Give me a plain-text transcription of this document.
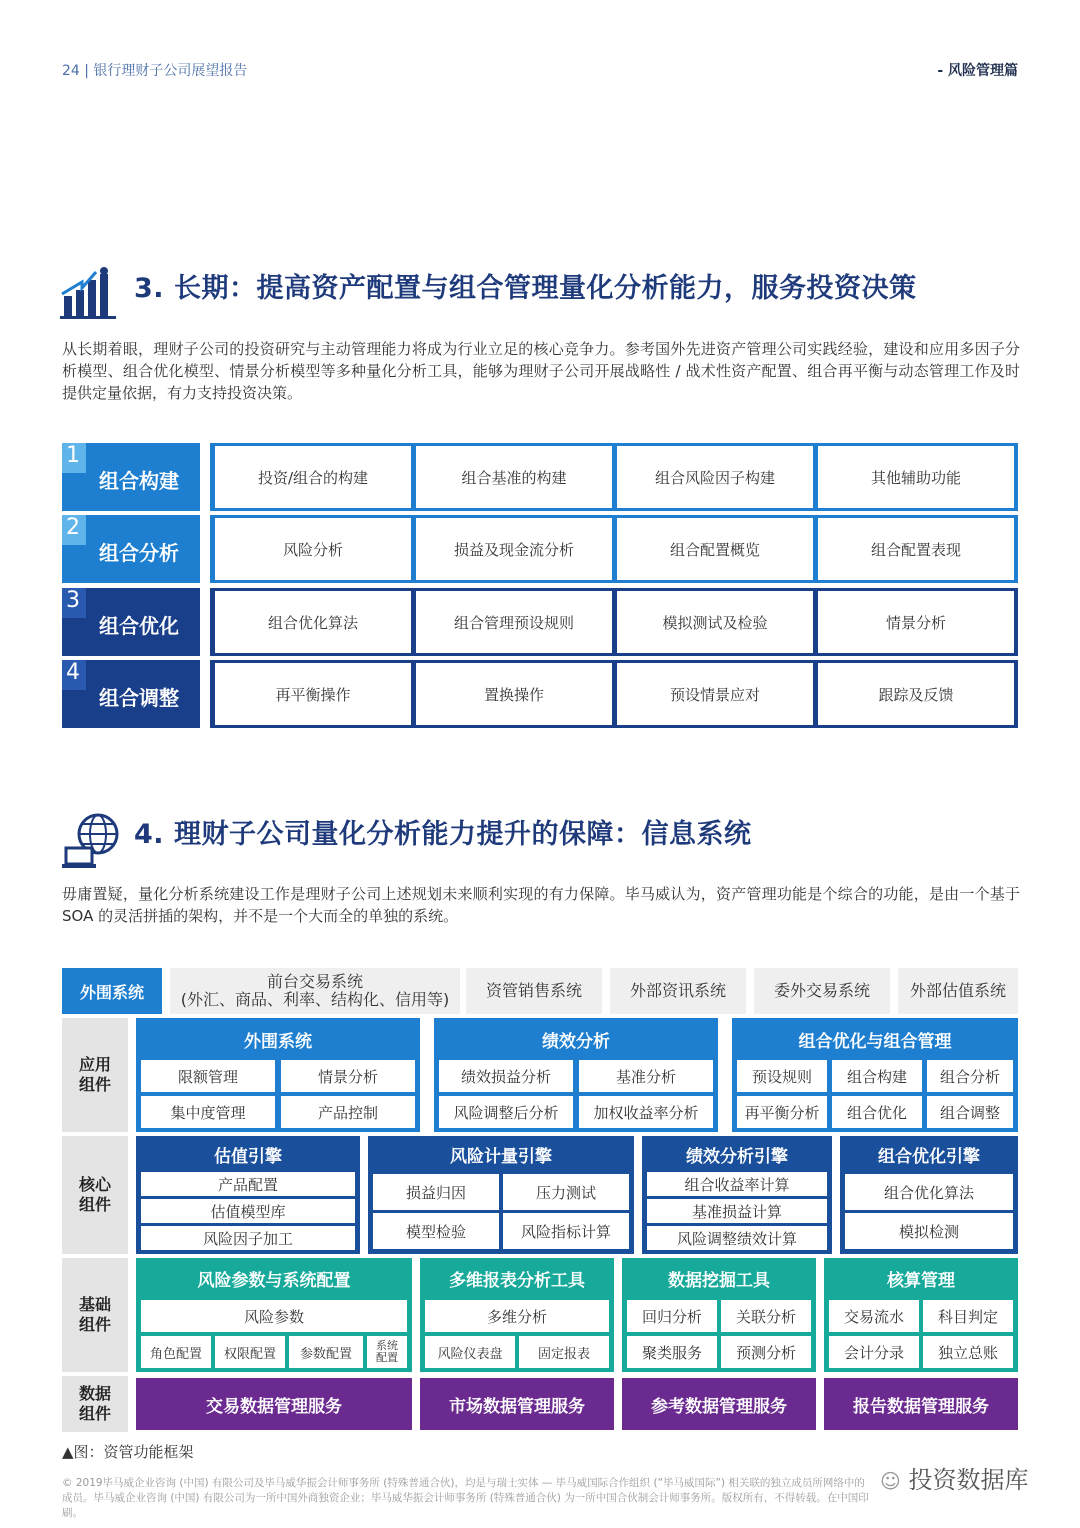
24 | 银行理财子公司展望报告	- 风险管理篇
3. 长期：提高资产配置与组合管理量化分析能力，服务投资决策
从长期着眼，理财子公司的投资研究与主动管理能力将成为行业立足的核心竞争力。参考国外先进资产管理公司实践经验，建设和应用多因子分析模型、组合优化模型、情景分析模型等多种量化分析工具，能够为理财子公司开展战略性 / 战术性资产配置、组合再平衡与动态管理工作及时提供定量依据，有力支持投资决策。
1
组合构建	投资/组合的构建	组合基准的构建	组合风险因子构建	其他辅助功能
2
组合分析	风险分析	损益及现金流分析	组合配置概览	组合配置表现
3
组合优化	组合优化算法	组合管理预设规则	模拟测试及检验	情景分析
4
组合调整	再平衡操作	置换操作	预设情景应对	跟踪及反馈
4. 理财子公司量化分析能力提升的保障：信息系统
毋庸置疑，量化分析系统建设工作是理财子公司上述规划未来顺利实现的有力保障。毕马威认为，资产管理功能是个综合的功能，是由一个基于 SOA 的灵活拼插的架构，并不是一个大而全的单独的系统。
外围系统
前台交易系统
(外汇、商品、利率、结构化、信用等)	资管销售系统	外部资讯系统	委外交易系统	外部估值系统
应用
组件
核心
组件
基础
组件
数据
组件
外围系统
限额管理	情景分析
集中度管理	产品控制
绩效分析
绩效损益分析	基准分析
风险调整后分析	加权收益率分析
组合优化与组合管理
预设规则	组合构建	组合分析
再平衡分析	组合优化	组合调整
估值引擎
产品配置
估值模型库
风险因子加工
风险计量引擎
损益归因	压力测试
模型检验	风险指标计算
绩效分析引擎
组合收益率计算
基准损益计算
风险调整绩效计算
组合优化引擎
组合优化算法
模拟检测
风险参数与系统配置
风险参数
角色配置	权限配置	参数配置
系统配置
多维报表分析工具
多维分析
风险仪表盘	固定报表
数据挖掘工具
回归分析	关联分析
聚类服务	预测分析
核算管理
交易流水	科目判定
会计分录	独立总账
交易数据管理服务	市场数据管理服务	参考数据管理服务	报告数据管理服务
▲图：资管功能框架
© 2019毕马威企业咨询 (中国) 有限公司及毕马威华振会计师事务所 (特殊普通合伙)，均是与瑞士实体 — 毕马威国际合作组织 (“毕马威国际”) 相关联的独立成员所网络中的成员。毕马威企业咨询 (中国) 有限公司为一所中国外商独资企业；毕马威华振会计师事务所 (特殊普通合伙) 为一所中国合伙制会计师事务所。版权所有，不得转载。在中国印刷。
☺ 投资数据库
